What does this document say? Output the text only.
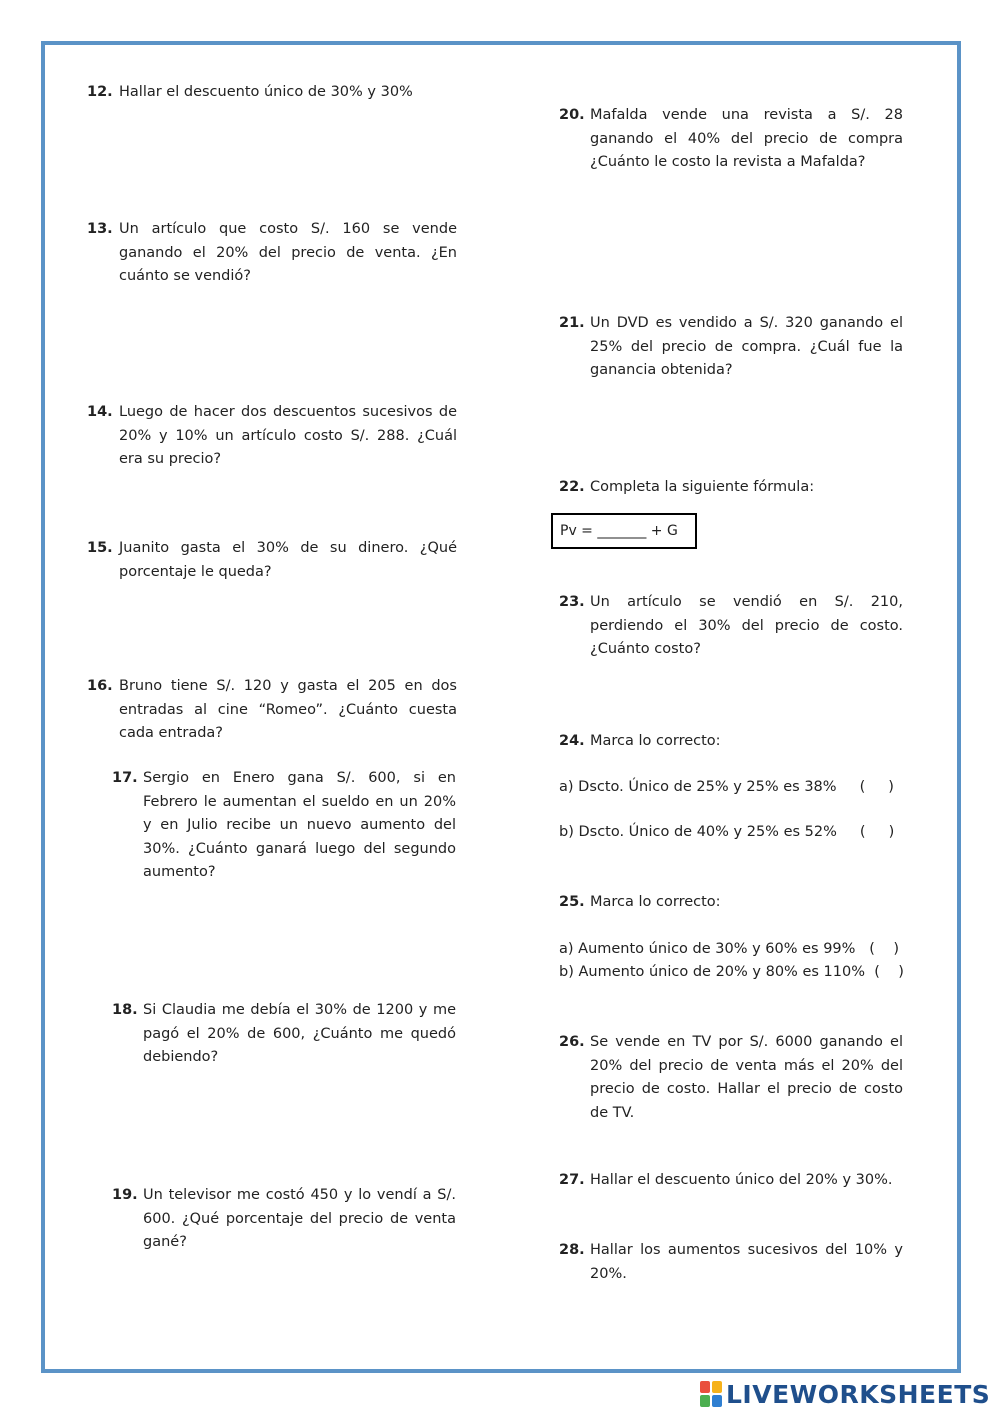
12. Hallar el descuento único de 30% y 30%
13. Un artículo que costo S/. 160 se vende ganando el 20% del precio de venta. ¿En cuánto se vendió?
14. Luego de hacer dos descuentos sucesivos de 20% y 10% un artículo costo S/. 288. ¿Cuál era su precio?
15. Juanito gasta el 30% de su dinero. ¿Qué porcentaje le queda?
16. Bruno tiene S/. 120 y gasta el 205 en dos entradas al cine “Romeo”. ¿Cuánto cuesta cada entrada?
17. Sergio en Enero gana S/. 600, si en Febrero le aumentan el sueldo en un 20% y en Julio recibe un nuevo aumento del 30%. ¿Cuánto ganará luego del segundo aumento?
18. Si Claudia me debía el 30% de 1200 y me pagó el 20% de 600, ¿Cuánto me quedó debiendo?
19. Un televisor me costó 450 y lo vendí a S/. 600. ¿Qué porcentaje del precio de venta gané?
20. Mafalda vende una revista a S/. 28 ganando el 40% del precio de compra ¿Cuánto le costo la revista a Mafalda?
21. Un DVD es vendido a S/. 320 ganando el 25% del precio de compra. ¿Cuál fue la ganancia obtenida?
22. Completa la siguiente fórmula:
Pv = _______ + G
23. Un artículo se vendió en S/. 210, perdiendo el 30% del precio de costo. ¿Cuánto costo?
24. Marca lo correcto:
a) Dscto. Único de 25% y 25% es 38%     (     )
b) Dscto. Único de 40% y 25% es 52%     (     )
25. Marca lo correcto:
a) Aumento único de 30% y 60% es 99%   (    )
b) Aumento único de 20% y 80% es 110%  (    )
26. Se vende en TV por S/. 6000 ganando el 20% del precio de venta más el 20% del precio de costo. Hallar el precio de costo de TV.
27. Hallar el descuento único del 20% y 30%.
28. Hallar los aumentos sucesivos del 10% y 20%.
LIVEWORKSHEETS
